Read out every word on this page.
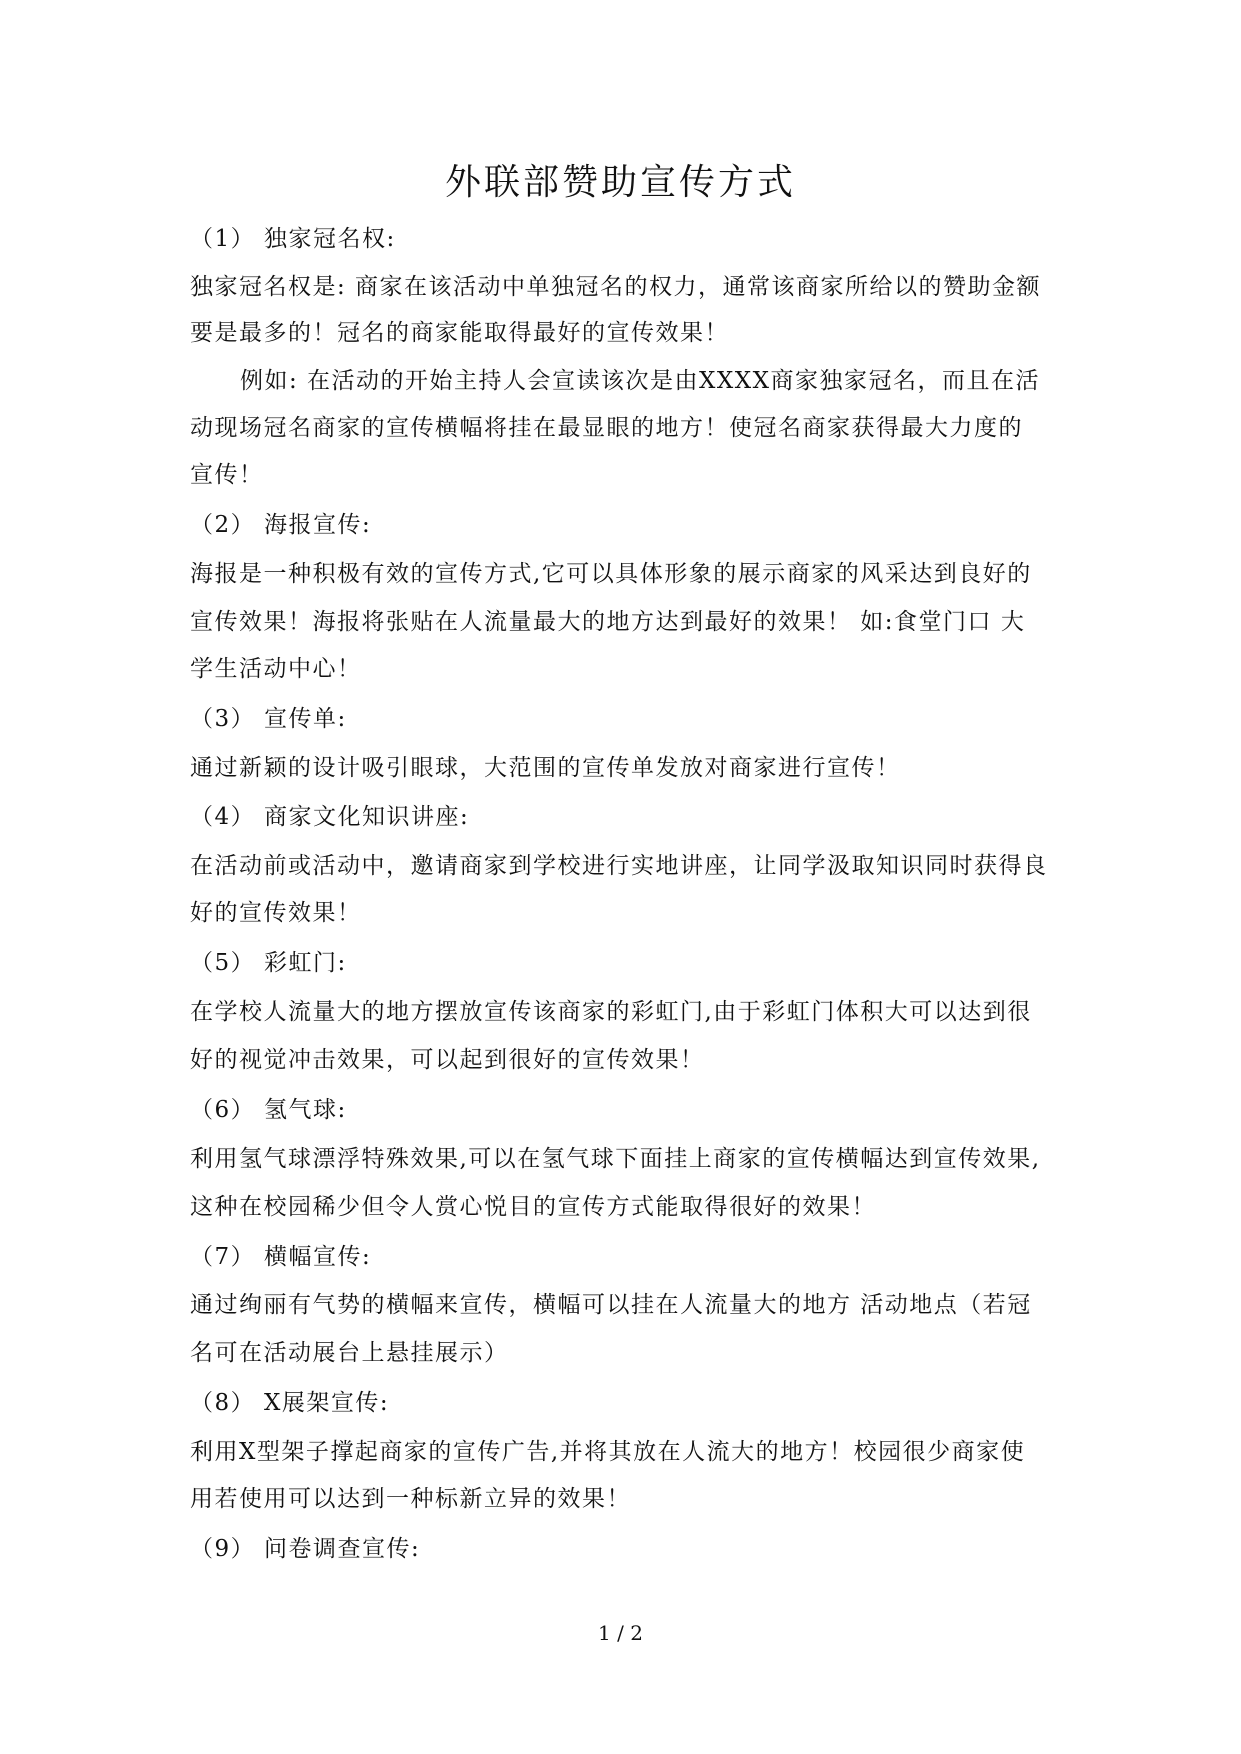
外联部赞助宣传方式
（1） 独家冠名权:
独家冠名权是: 商家在该活动中单独冠名的权力，通常该商家所给以的赞助金额
要是最多的！冠名的商家能取得最好的宣传效果！
例如: 在活动的开始主持人会宣读该次是由XXXX商家独家冠名，而且在活
动现场冠名商家的宣传横幅将挂在最显眼的地方！使冠名商家获得最大力度的
宣传！
（2） 海报宣传:
海报是一种积极有效的宣传方式,它可以具体形象的展示商家的风采达到良好的
宣传效果！海报将张贴在人流量最大的地方达到最好的效果！ 如:食堂门口 大
学生活动中心！
（3） 宣传单:
通过新颖的设计吸引眼球，大范围的宣传单发放对商家进行宣传！
（4） 商家文化知识讲座:
在活动前或活动中，邀请商家到学校进行实地讲座，让同学汲取知识同时获得良
好的宣传效果！
（5） 彩虹门:
在学校人流量大的地方摆放宣传该商家的彩虹门,由于彩虹门体积大可以达到很
好的视觉冲击效果，可以起到很好的宣传效果！
（6） 氢气球:
利用氢气球漂浮特殊效果,可以在氢气球下面挂上商家的宣传横幅达到宣传效果,
这种在校园稀少但令人赏心悦目的宣传方式能取得很好的效果！
（7） 横幅宣传:
通过绚丽有气势的横幅来宣传，横幅可以挂在人流量大的地方 活动地点（若冠
名可在活动展台上悬挂展示）
（8） X展架宣传:
利用X型架子撑起商家的宣传广告,并将其放在人流大的地方！校园很少商家使
用若使用可以达到一种标新立异的效果！
（9） 问卷调查宣传:
1 / 2
